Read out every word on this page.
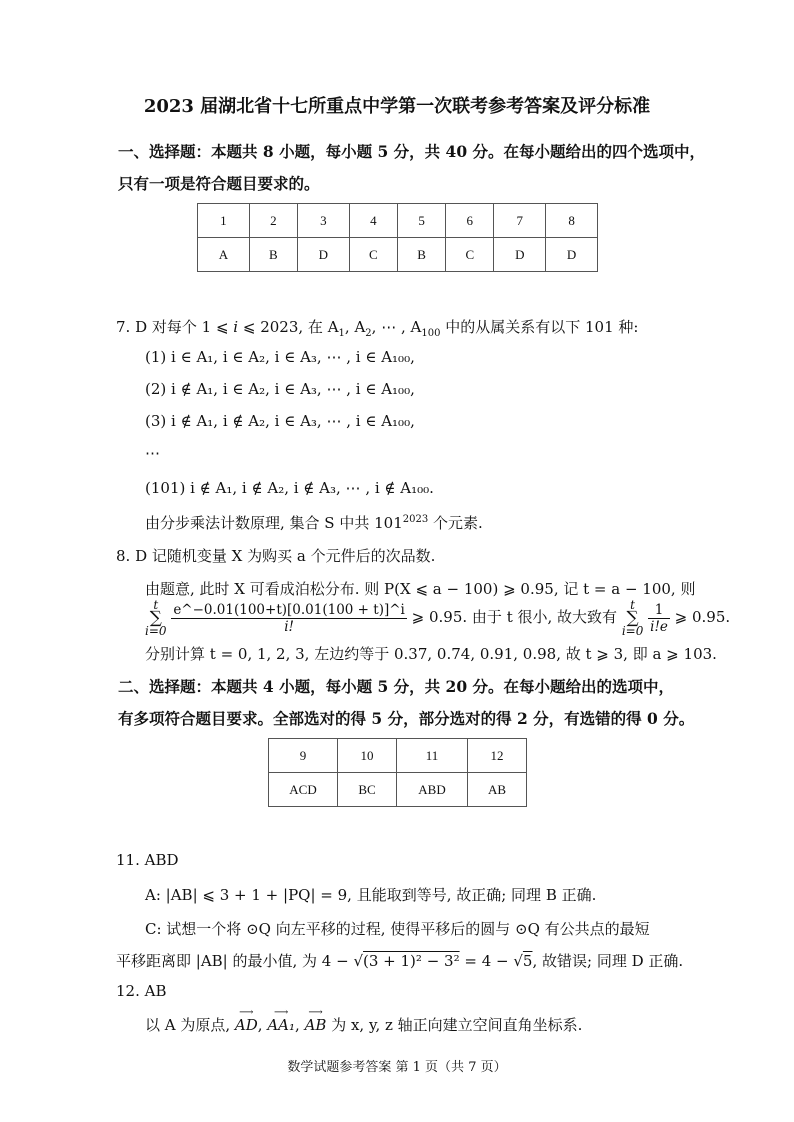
2023 届湖北省十七所重点中学第一次联考参考答案及评分标准
一、选择题：本题共 8 小题，每小题 5 分，共 40 分。在每小题给出的四个选项中，
只有一项是符合题目要求的。
1	2	3	4	5	6	7	8
A	B	D	C	B	C	D	D
7. D 对每个 1 ⩽ i ⩽ 2023, 在 $A_1$, $A_2$, ⋯ , $A_{100}$ 中的从属关系有以下 101 种:
(1) i ∈ A₁, i ∈ A₂, i ∈ A₃, ⋯ , i ∈ A₁₀₀,
(2) i ∉ A₁, i ∈ A₂, i ∈ A₃, ⋯ , i ∈ A₁₀₀,
(3) i ∉ A₁, i ∉ A₂, i ∈ A₃, ⋯ , i ∈ A₁₀₀,
⋯
(101) i ∉ A₁, i ∉ A₂, i ∉ A₃, ⋯ , i ∉ A₁₀₀.
由分步乘法计数原理, 集合 S 中共 $101^{2023}$ 个元素.
8. D 记随机变量 X 为购买 a 个元件后的次品数.
由题意, 此时 X 可看成泊松分布. 则 P(X ⩽ a − 100) ⩾ 0.95, 记 t = a − 100, 则
t
∑
$i=0 \frac{e\^{}-0.01(100+t)[0.01(100 + t)]\^{}i}{i!}$ ⩾ 0.95. 由于 t 很小, 故大致有 t
∑
$i=0 \frac{1}{i!e}$ ⩾ 0.95.
分别计算 t = 0, 1, 2, 3, 左边约等于 0.37, 0.74, 0.91, 0.98, 故 t ⩾ 3, 即 a ⩾ 103.
二、选择题：本题共 4 小题，每小题 5 分，共 20 分。在每小题给出的选项中，
有多项符合题目要求。全部选对的得 5 分，部分选对的得 2 分，有选错的得 0 分。
9	10	11	12
ACD	BC	ABD	AB
11. ABD
A: |AB| ⩽ 3 + 1 + |PQ| = 9, 且能取到等号, 故正确; 同理 B 正确.
C: 试想一个将 ⊙Q 向左平移的过程, 使得平移后的圆与 ⊙Q 有公共点的最短
平移距离即 |AB| 的最小值, 为 4 − √(3 + 1)² − 3² = 4 − √5, 故错误; 同理 D 正确.
12. AB
以 A 为原点,
⟶
AD,
⟶
AA₁,
⟶
AB 为 x, y, z 轴正向建立空间直角坐标系.
数学试题参考答案 第 1 页（共 7 页）
